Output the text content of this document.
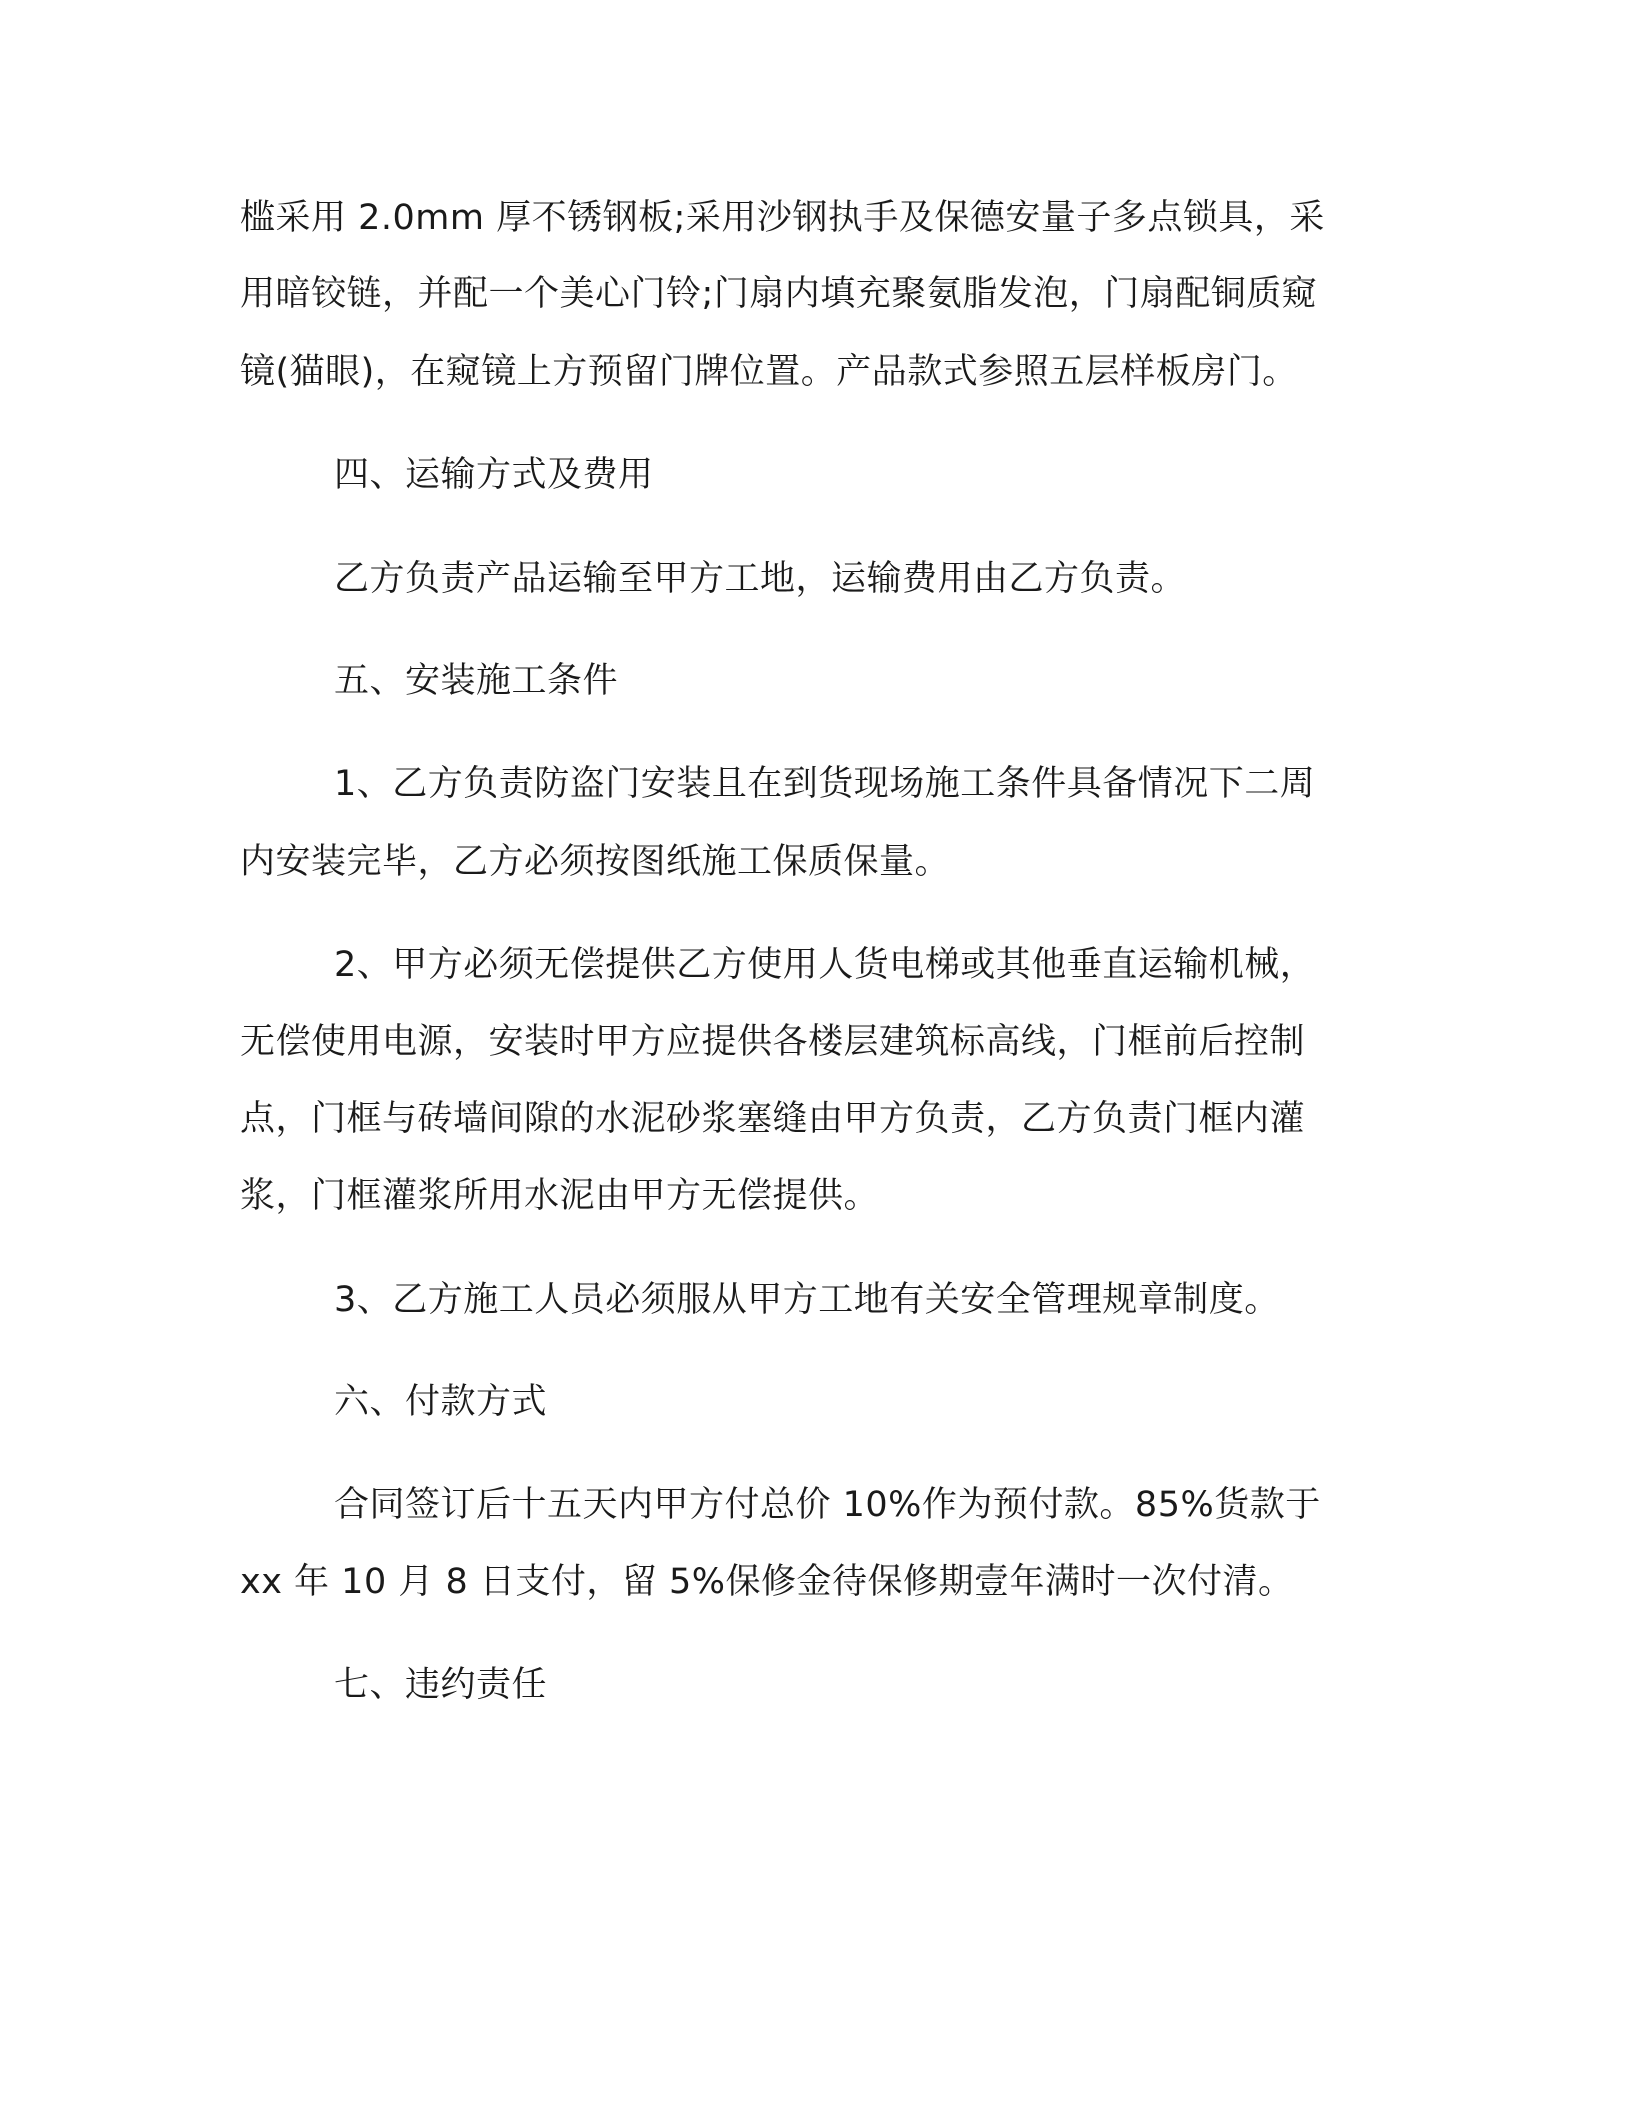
槛采用 2.0mm 厚不锈钢板;采用沙钢执手及保德安量子多点锁具，采
用暗铰链，并配一个美心门铃;门扇内填充聚氨脂发泡，门扇配铜质窥
镜(猫眼)，在窥镜上方预留门牌位置。产品款式参照五层样板房门。
四、运输方式及费用
乙方负责产品运输至甲方工地，运输费用由乙方负责。
五、安装施工条件
1、乙方负责防盗门安装且在到货现场施工条件具备情况下二周
内安装完毕，乙方必须按图纸施工保质保量。
2、甲方必须无偿提供乙方使用人货电梯或其他垂直运输机械，
无偿使用电源，安装时甲方应提供各楼层建筑标高线，门框前后控制
点，门框与砖墙间隙的水泥砂浆塞缝由甲方负责，乙方负责门框内灌
浆，门框灌浆所用水泥由甲方无偿提供。
3、乙方施工人员必须服从甲方工地有关安全管理规章制度。
六、付款方式
合同签订后十五天内甲方付总价 10%作为预付款。85%货款于
xx 年 10 月 8 日支付，留 5%保修金待保修期壹年满时一次付清。
七、违约责任
